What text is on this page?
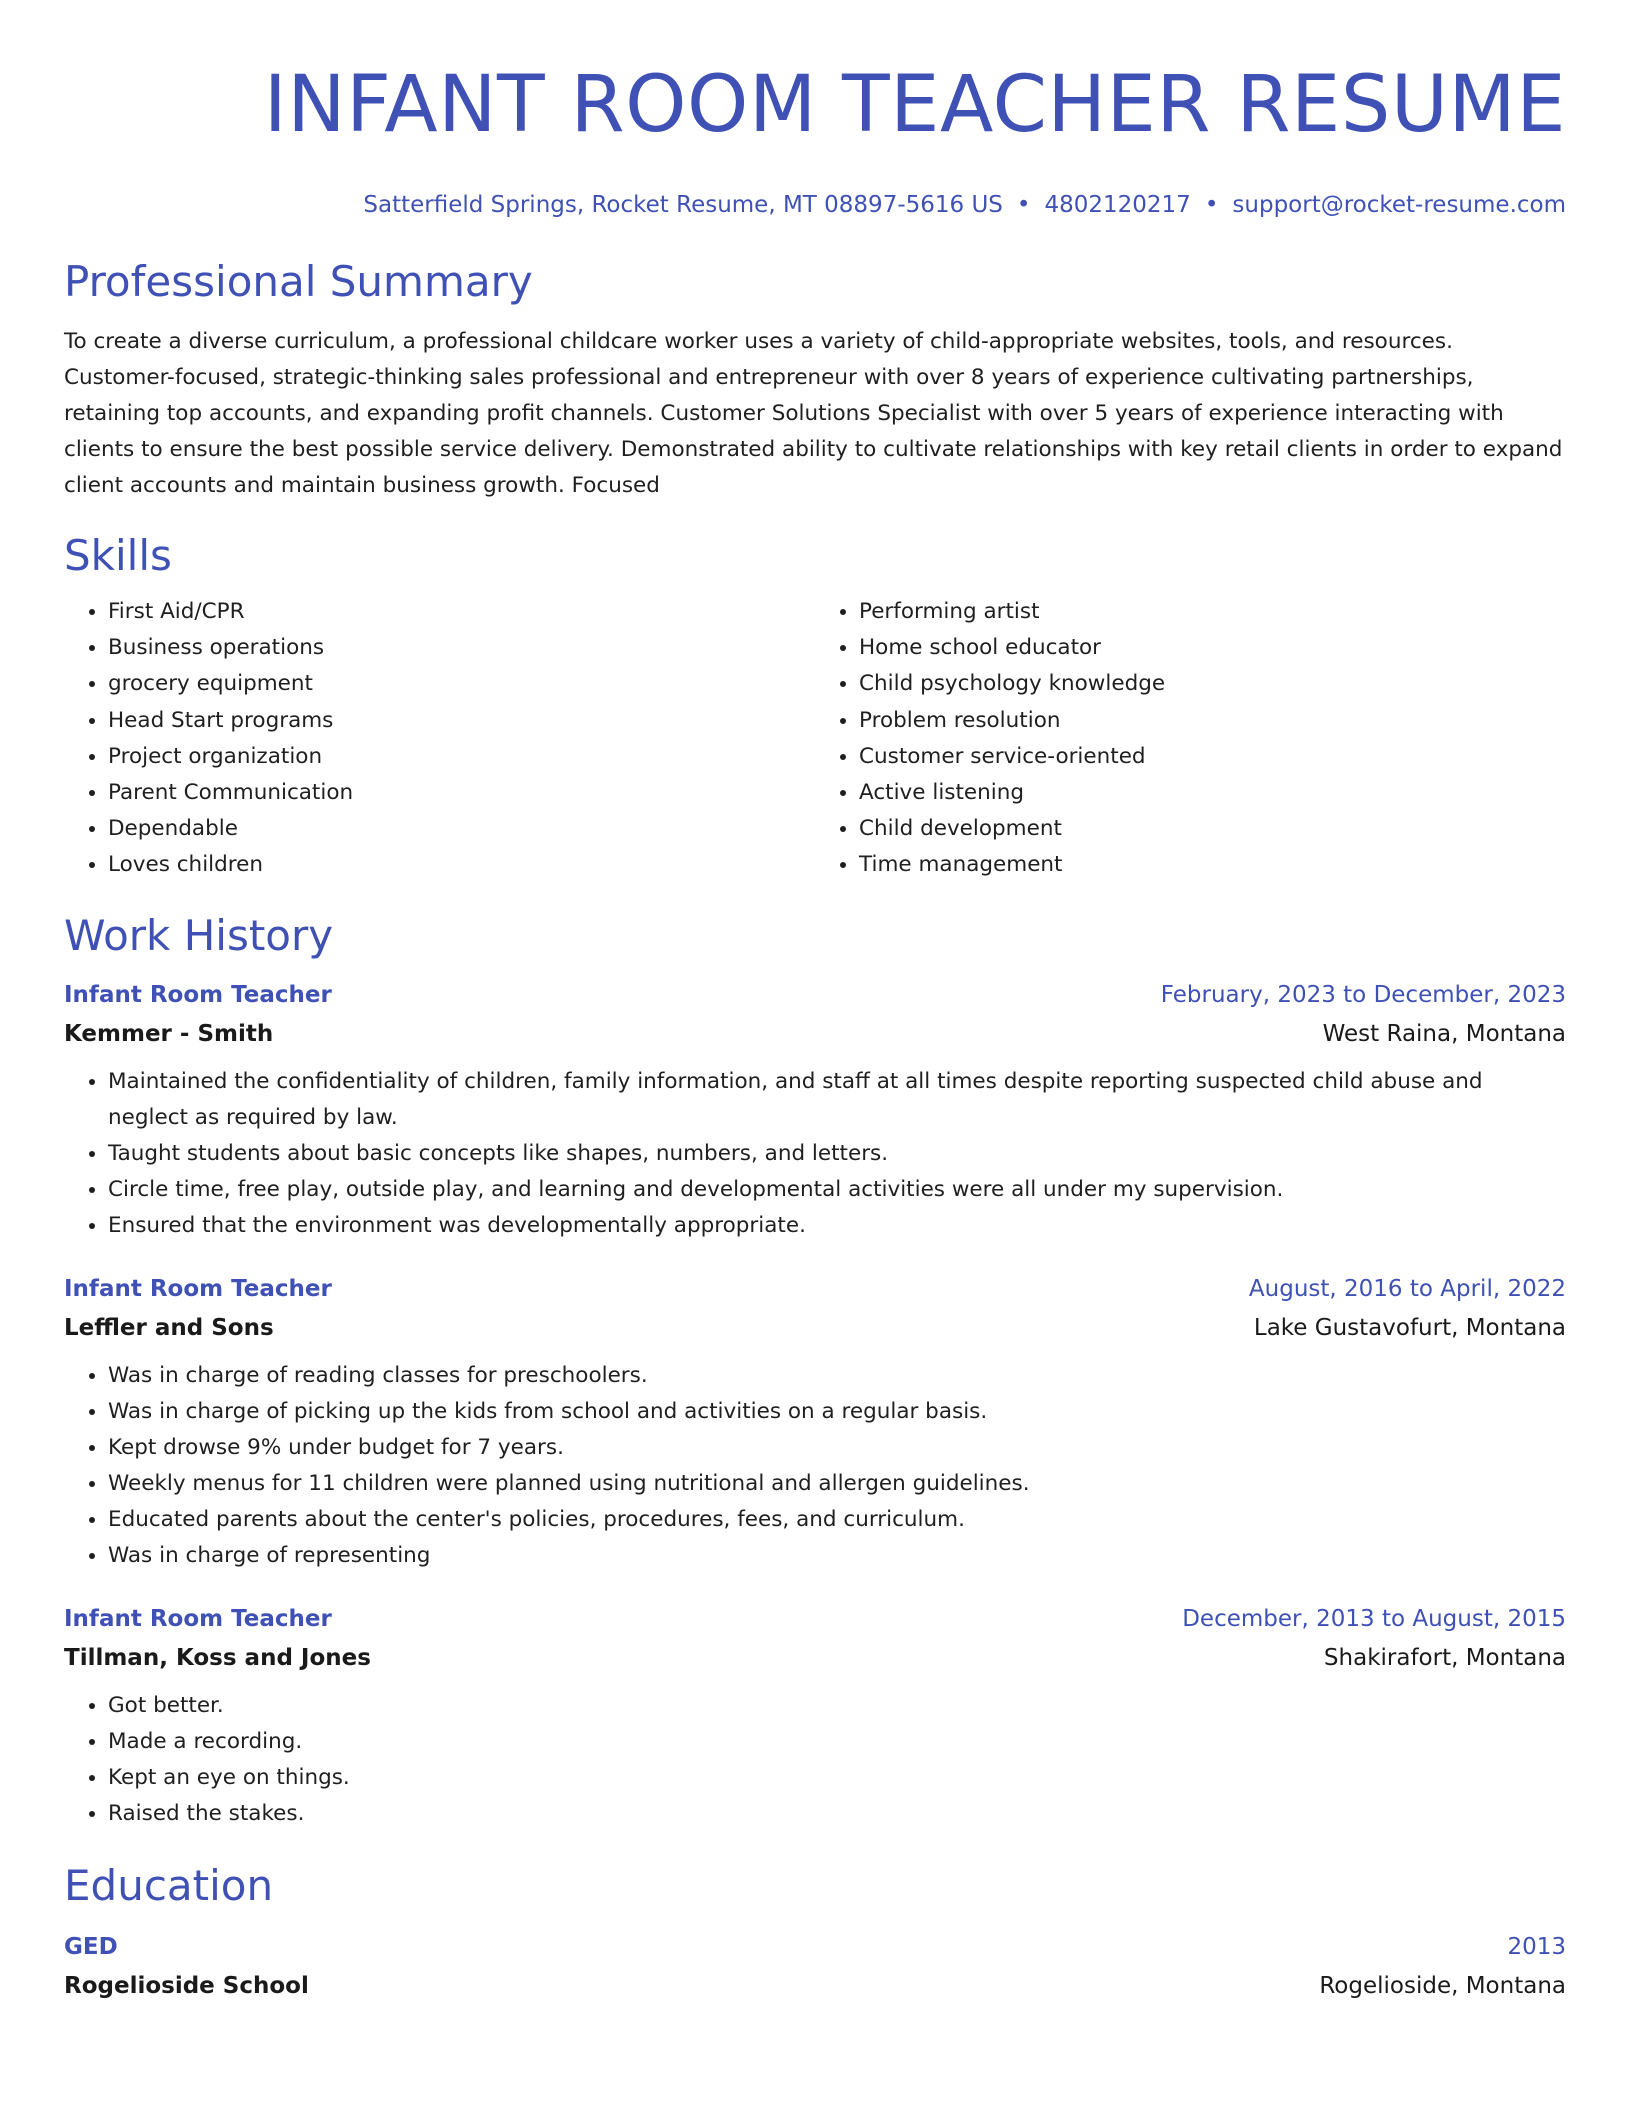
INFANT ROOM TEACHER RESUME
Satterfield Springs, Rocket Resume, MT 08897-5616 US • 4802120217 • support@rocket-resume.com
Professional Summary
To create a diverse curriculum, a professional childcare worker uses a variety of child-appropriate websites, tools, and resources. Customer-focused, strategic-thinking sales professional and entrepreneur with over 8 years of experience cultivating partnerships, retaining top accounts, and expanding profit channels. Customer Solutions Specialist with over 5 years of experience interacting with clients to ensure the best possible service delivery. Demonstrated ability to cultivate relationships with key retail clients in order to expand client accounts and maintain business growth. Focused
Skills
• First Aid/CPR
• Business operations
• grocery equipment
• Head Start programs
• Project organization
• Parent Communication
• Dependable
• Loves children
• Performing artist
• Home school educator
• Child psychology knowledge
• Problem resolution
• Customer service-oriented
• Active listening
• Child development
• Time management
Work History
Infant Room Teacher	February, 2023 to December, 2023
Kemmer - Smith	West Raina, Montana
• Maintained the confidentiality of children, family information, and staff at all times despite reporting suspected child abuse and neglect as required by law.
• Taught students about basic concepts like shapes, numbers, and letters.
• Circle time, free play, outside play, and learning and developmental activities were all under my supervision.
• Ensured that the environment was developmentally appropriate.
Infant Room Teacher	August, 2016 to April, 2022
Leffler and Sons	Lake Gustavofurt, Montana
• Was in charge of reading classes for preschoolers.
• Was in charge of picking up the kids from school and activities on a regular basis.
• Kept drowse 9% under budget for 7 years.
• Weekly menus for 11 children were planned using nutritional and allergen guidelines.
• Educated parents about the center's policies, procedures, fees, and curriculum.
• Was in charge of representing
Infant Room Teacher	December, 2013 to August, 2015
Tillman, Koss and Jones	Shakirafort, Montana
• Got better.
• Made a recording.
• Kept an eye on things.
• Raised the stakes.
Education
GED	2013
Rogelioside School	Rogelioside, Montana
